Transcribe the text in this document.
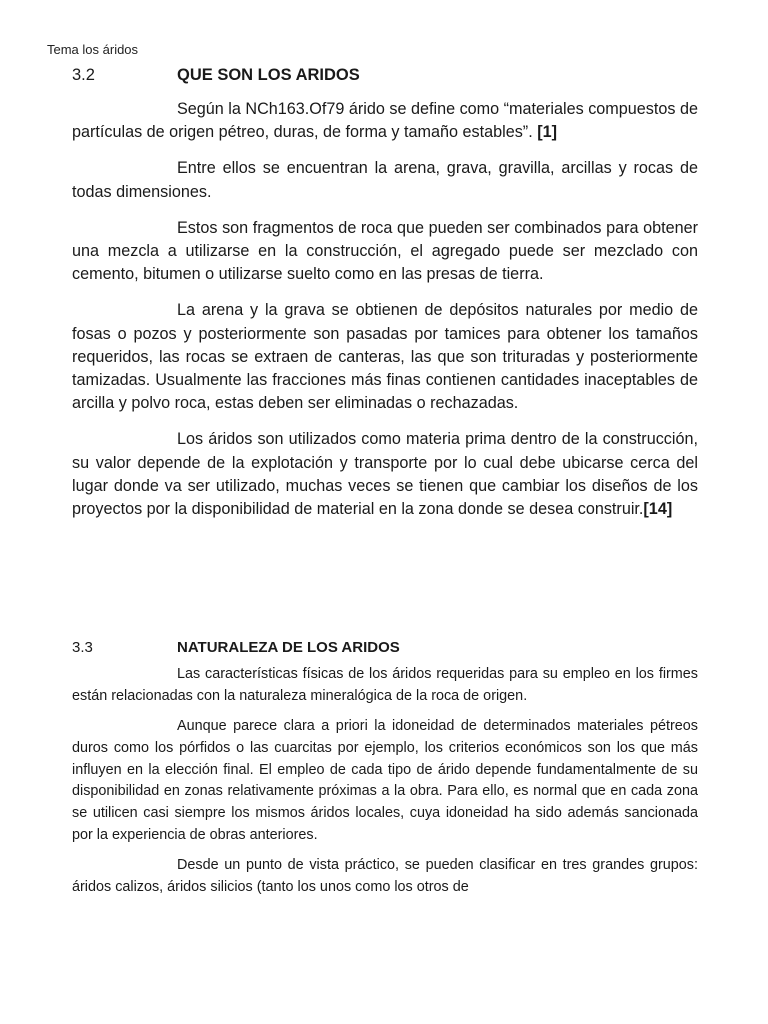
Tema los áridos
3.2	QUE SON LOS ARIDOS

Según la NCh163.Of79 árido se define como “materiales compuestos de partículas de origen pétreo, duras, de forma y tamaño estables”. [1]

Entre ellos se encuentran la arena, grava, gravilla, arcillas y rocas de todas dimensiones.

Estos son fragmentos de roca que pueden ser combinados para obtener una mezcla a utilizarse en la construcción, el agregado puede ser mezclado con cemento, bitumen o utilizarse suelto como en las presas de tierra.

La arena y la grava se obtienen de depósitos naturales por medio de fosas o pozos y posteriormente son pasadas por tamices para obtener los tamaños requeridos, las rocas se extraen de canteras, las que son trituradas y posteriormente tamizadas. Usualmente las fracciones más finas contienen cantidades inaceptables de arcilla y polvo roca, estas deben ser eliminadas o rechazadas.

Los áridos son utilizados como materia prima dentro de la construcción, su valor depende de la explotación y transporte por lo cual debe ubicarse cerca del lugar donde va ser utilizado, muchas veces se tienen que cambiar los diseños de los proyectos por la disponibilidad de material en la zona donde se desea construir.[14]

3.3	NATURALEZA DE LOS ARIDOS

Las características físicas de los áridos requeridas para su empleo en los firmes están relacionadas con la naturaleza mineralógica de la roca de origen.

Aunque parece clara a priori la idoneidad de determinados materiales pétreos duros como los pórfidos o las cuarcitas por ejemplo, los criterios económicos son los que más influyen en la elección final. El empleo de cada tipo de árido depende fundamentalmente de su disponibilidad en zonas relativamente próximas a la obra. Para ello, es normal que en cada zona se utilicen casi siempre los mismos áridos locales, cuya idoneidad ha sido además sancionada por la experiencia de obras anteriores.

Desde un punto de vista práctico, se pueden clasificar en tres grandes grupos: áridos calizos, áridos silicios (tanto los unos como los otros de
